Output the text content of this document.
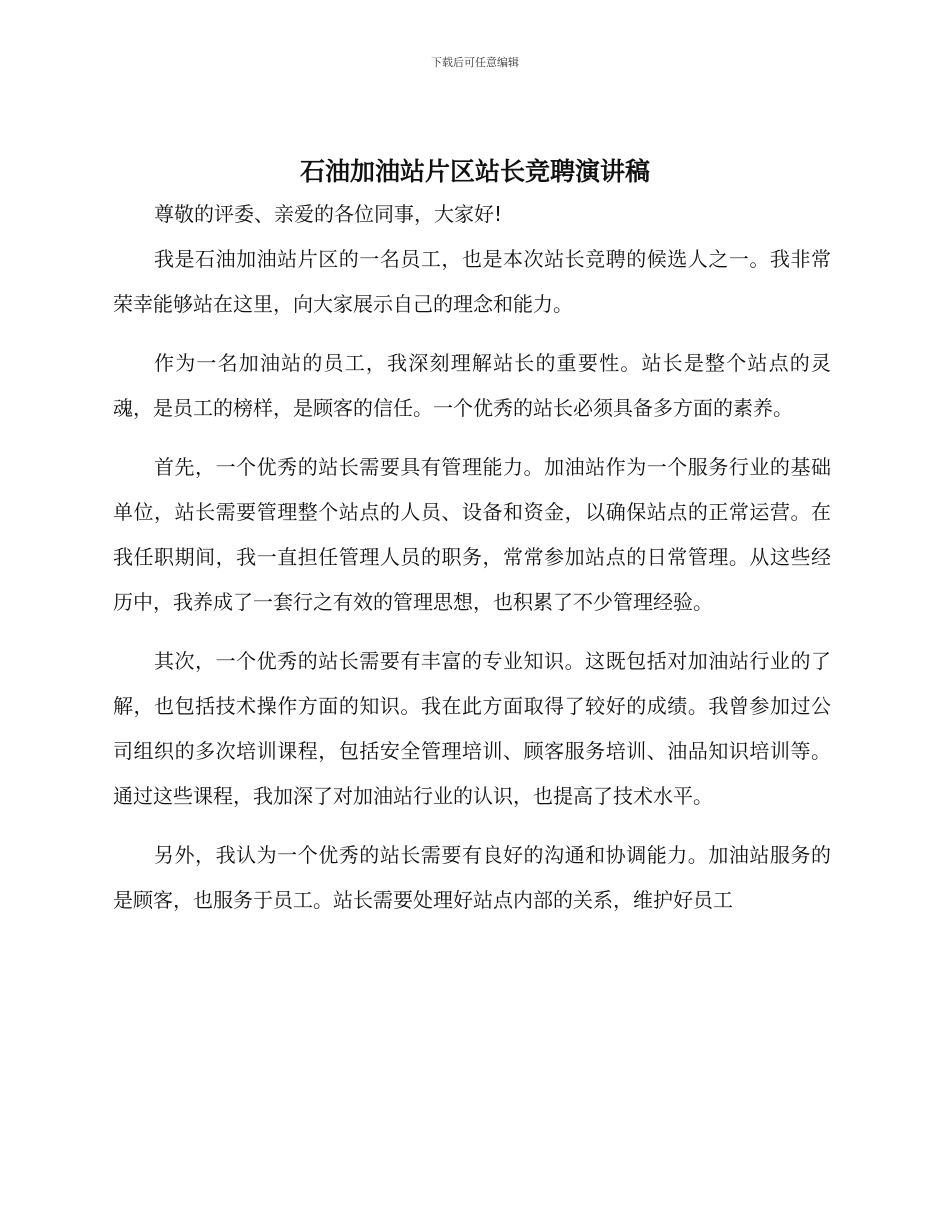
下载后可任意编辑
石油加油站片区站长竞聘演讲稿

尊敬的评委、亲爱的各位同事，大家好!

我是石油加油站片区的一名员工，也是本次站长竞聘的候选人之一。我非常荣幸能够站在这里，向大家展示自己的理念和能力。

作为一名加油站的员工，我深刻理解站长的重要性。站长是整个站点的灵魂，是员工的榜样，是顾客的信任。一个优秀的站长必须具备多方面的素养。

首先，一个优秀的站长需要具有管理能力。加油站作为一个服务行业的基础单位，站长需要管理整个站点的人员、设备和资金，以确保站点的正常运营。在我任职期间，我一直担任管理人员的职务，常常参加站点的日常管理。从这些经历中，我养成了一套行之有效的管理思想，也积累了不少管理经验。

其次，一个优秀的站长需要有丰富的专业知识。这既包括对加油站行业的了解，也包括技术操作方面的知识。我在此方面取得了较好的成绩。我曾参加过公司组织的多次培训课程，包括安全管理培训、顾客服务培训、油品知识培训等。通过这些课程，我加深了对加油站行业的认识，也提高了技术水平。

另外，我认为一个优秀的站长需要有良好的沟通和协调能力。加油站服务的是顾客，也服务于员工。站长需要处理好站点内部的关系，维护好员工
